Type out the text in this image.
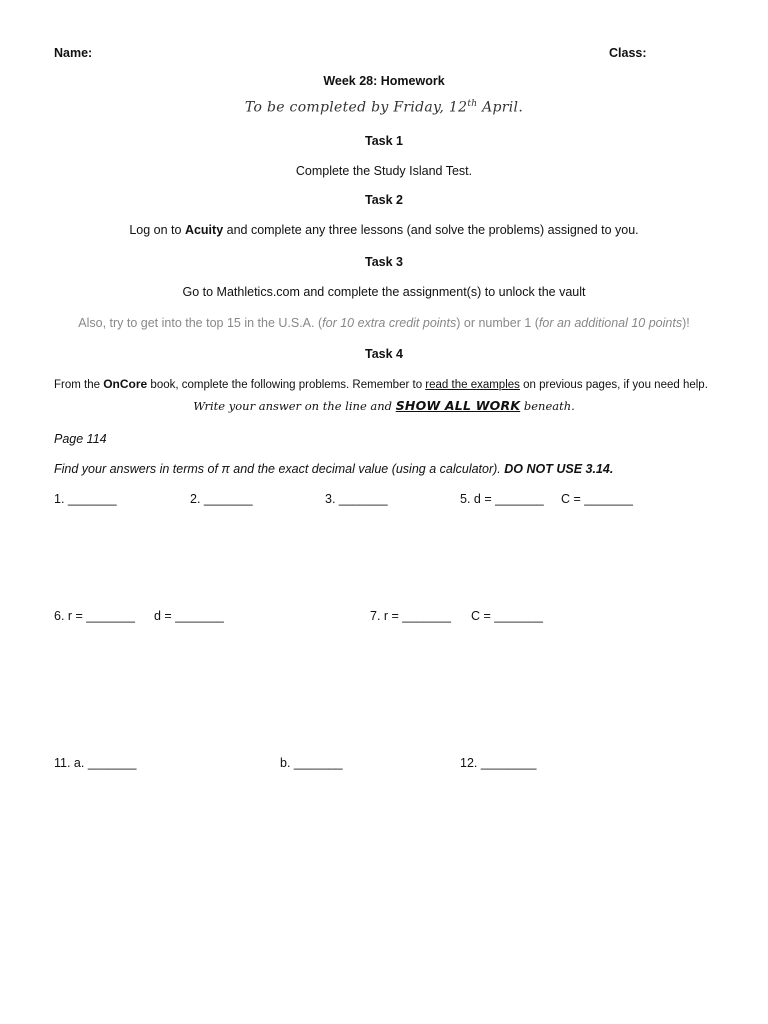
Name:	Class:
Week 28: Homework
To be completed by Friday, 12th April.
Task 1
Complete the Study Island Test.
Task 2
Log on to Acuity and complete any three lessons (and solve the problems) assigned to you.
Task 3
Go to Mathletics.com and complete the assignment(s) to unlock the vault
Also, try to get into the top 15 in the U.S.A. (for 10 extra credit points) or number 1 (for an additional 10 points)!
Task 4
From the OnCore book, complete the following problems. Remember to read the examples on previous pages, if you need help.
Write your answer on the line and SHOW ALL WORK beneath.
Page 114
Find your answers in terms of π and the exact decimal value (using a calculator). DO NOT USE 3.14.
1. _______	2. _______	3. _______	5. d = _______ C = _______
6. r = _______ d = _______	7. r = _______ C = _______
11. a. _______	b. _______	12. ________
